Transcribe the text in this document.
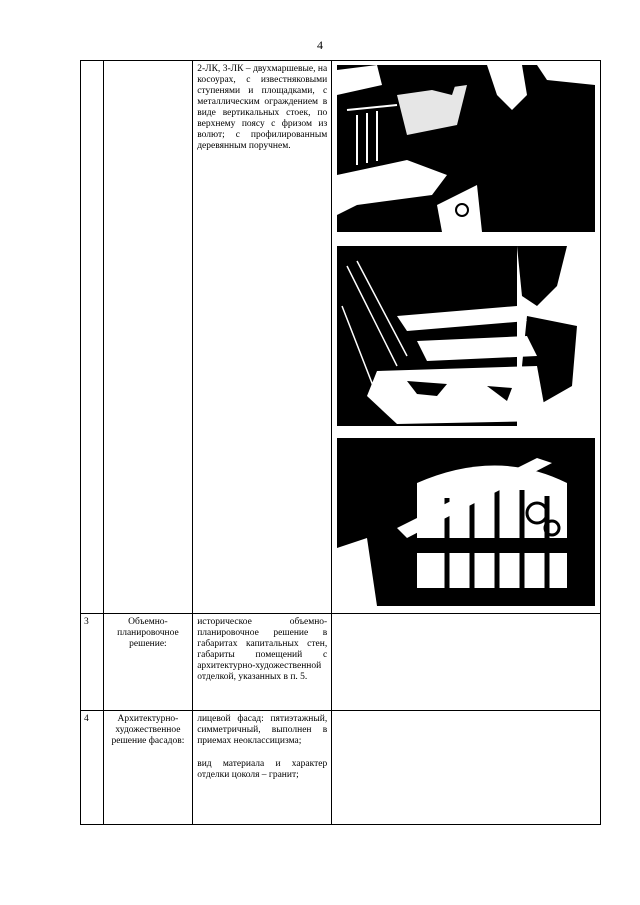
4
		2-ЛК, 3-ЛК – двухмаршевые, на косоурах, с известняковыми ступенями и площадками, с металлическим ограждением в виде вертикальных стоек, по верхнему поясу с фризом из волют; с профилированным деревянным поручнем.	

3	Объемно-планировочное решение:	историческое объемно-планировочное решение в габаритах капитальных стен, габариты помещений с архитектурно-художественной отделкой, указанных в п. 5.	
4	Архитектурно-художественное решение фасадов:	лицевой фасад: пятиэтажный, симметричный, выполнен в приемах неоклассицизма;
вид материала и характер отделки цоколя – гранит;	
